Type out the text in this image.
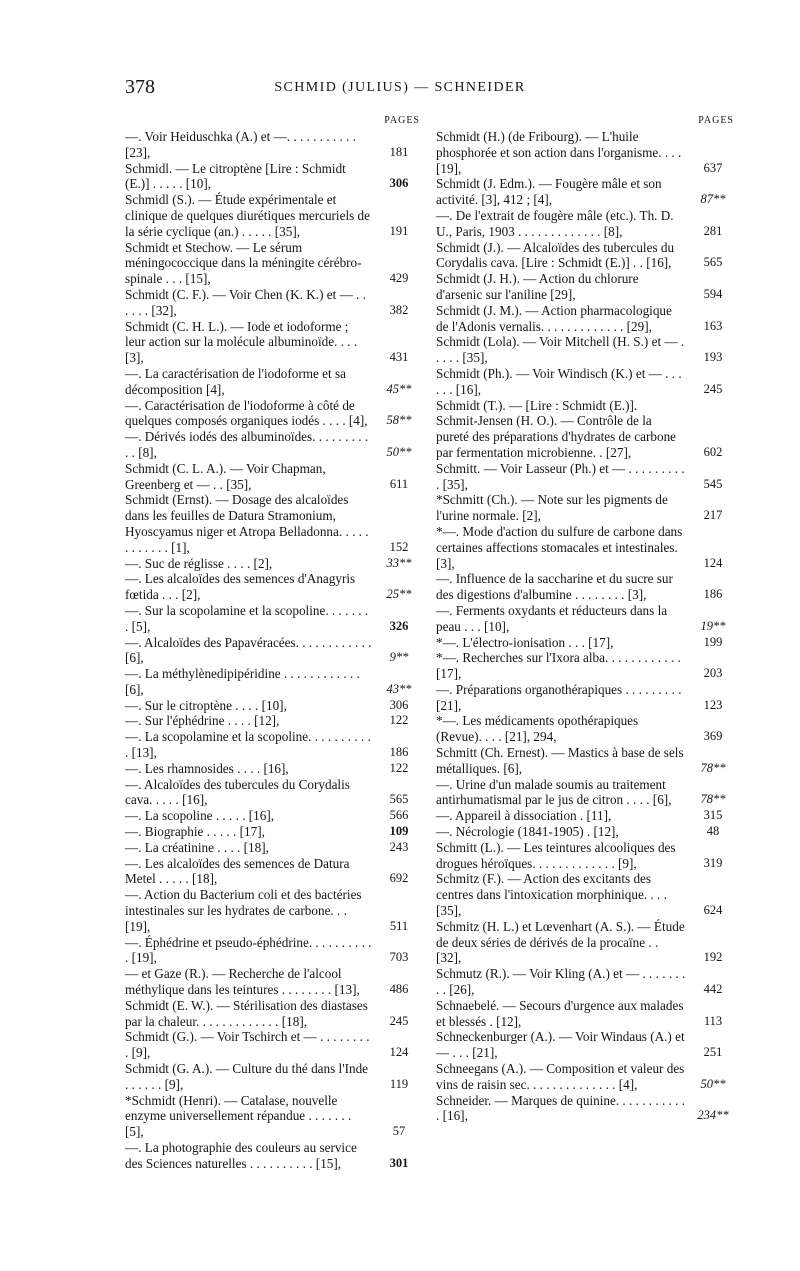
378	SCHMID (JULIUS) — SCHNEIDER
PAGES
—. Voir Heiduschka (A.) et —. . . . . . . . . . . [23],	181
Schmidl. — Le citroptène [Lire : Schmidt (E.)] . . . . . [10],	306
Schmidl (S.). — Étude expérimentale et clinique de quelques diurétiques mercuriels de la série cyclique (an.) . . . . . [35],	191
Schmidt et Stechow. — Le sérum méningococcique dans la méningite cérébro-spinale . . . [15],	429
Schmidt (C. F.). — Voir Chen (K. K.) et — . . . . . . [32],	382
Schmidt (C. H. L.). — Iode et iodoforme ; leur action sur la molécule albuminoïde. . . . [3],	431
—. La caractérisation de l'iodoforme et sa décomposition [4],	45**
—. Caractérisation de l'iodoforme à côté de quelques composés organiques iodés . . . . [4],	58**
—. Dérivés iodés des albuminoïdes. . . . . . . . . . . [8],	50**
Schmidt (C. L. A.). — Voir Chapman, Greenberg et — . . [35],	611
Schmidt (Ernst). — Dosage des alcaloïdes dans les feuilles de Datura Stramonium, Hyoscyamus niger et Atropa Belladonna. . . . . . . . . . . . [1],	152
—. Suc de réglisse . . . . [2],	33**
—. Les alcaloïdes des semences d'Anagyris fœtida . . . [2],	25**
—. Sur la scopolamine et la scopoline. . . . . . . . [5],	326
—. Alcaloïdes des Papavéracées. . . . . . . . . . . . [6],	9**
—. La méthylènedipipéridine . . . . . . . . . . . . [6],	43**
—. Sur le citroptène . . . . [10],	306
—. Sur l'éphédrine . . . . [12],	122
—. La scopolamine et la scopoline. . . . . . . . . . . [13],	186
—. Les rhamnosides . . . . [16],	122
—. Alcaloïdes des tubercules du Corydalis cava. . . . . [16],	565
—. La scopoline . . . . . [16],	566
—. Biographie . . . . . [17],	109
—. La créatinine . . . . [18],	243
—. Les alcaloïdes des semences de Datura Metel . . . . . [18],	692
—. Action du Bacterium coli et des bactéries intestinales sur les hydrates de carbone. . . [19],	511
—. Éphédrine et pseudo-éphédrine. . . . . . . . . . . [19],	703
— et Gaze (R.). — Recherche de l'alcool méthylique dans les teintures . . . . . . . . [13],	486
Schmidt (E. W.). — Stérilisation des diastases par la chaleur. . . . . . . . . . . . . [18],	245
Schmidt (G.). — Voir Tschirch et — . . . . . . . . . [9],	124
Schmidt (G. A.). — Culture du thé dans l'Inde . . . . . . [9],	119
*Schmidt (Henri). — Catalase, nouvelle enzyme universellement répandue . . . . . . . [5],	57
—. La photographie des couleurs au service des Sciences naturelles . . . . . . . . . . [15],	301
PAGES
Schmidt (H.) (de Fribourg). — L'huile phosphorée et son action dans l'organisme. . . . [19],	637
Schmidt (J. Edm.). — Fougère mâle et son activité. [3], 412 ; [4],	87**
—. De l'extrait de fougère mâle (etc.). Th. D. U., Paris, 1903 . . . . . . . . . . . . . [8],	281
Schmidt (J.). — Alcaloïdes des tubercules du Corydalis cava. [Lire : Schmidt (E.)] . . [16],	565
Schmidt (J. H.). — Action du chlorure d'arsenic sur l'aniline [29],	594
Schmidt (J. M.). — Action pharmacologique de l'Adonis vernalis. . . . . . . . . . . . . [29],	163
Schmidt (Lola). — Voir Mitchell (H. S.) et — . . . . . [35],	193
Schmidt (Ph.). — Voir Windisch (K.) et — . . . . . . [16],	245
Schmidt (T.). — [Lire : Schmidt (E.)].
Schmit-Jensen (H. O.). — Contrôle de la pureté des préparations d'hydrates de carbone par fermentation microbienne. . [27],	602
Schmitt. — Voir Lasseur (Ph.) et — . . . . . . . . . . [35],	545
*Schmitt (Ch.). — Note sur les pigments de l'urine normale. [2],	217
*—. Mode d'action du sulfure de carbone dans certaines affections stomacales et intestinales. [3],	124
—. Influence de la saccharine et du sucre sur des digestions d'albumine . . . . . . . . [3],	186
—. Ferments oxydants et réducteurs dans la peau . . . [10],	19**
*—. L'électro-ionisation . . . [17],	199
*—. Recherches sur l'Ixora alba. . . . . . . . . . . . [17],	203
—. Préparations organothérapiques . . . . . . . . . [21],	123
*—. Les médicaments opothérapiques (Revue). . . . [21], 294,	369
Schmitt (Ch. Ernest). — Mastics à base de sels métalliques. [6],	78**
—. Urine d'un malade soumis au traitement antirhumatismal par le jus de citron . . . . [6],	78**
—. Appareil à dissociation . [11],	315
—. Nécrologie (1841-1905) . [12],	48
Schmitt (L.). — Les teintures alcooliques des drogues héroïques. . . . . . . . . . . . . [9],	319
Schmitz (F.). — Action des excitants des centres dans l'intoxication morphinique. . . . [35],	624
Schmitz (H. L.) et Lœvenhart (A. S.). — Étude de deux séries de dérivés de la procaïne . . [32],	192
Schmutz (R.). — Voir Kling (A.) et — . . . . . . . . . [26],	442
Schnaebelé. — Secours d'urgence aux malades et blessés . [12],	113
Schneckenburger (A.). — Voir Windaus (A.) et — . . . [21],	251
Schneegans (A.). — Composition et valeur des vins de raisin sec. . . . . . . . . . . . . . [4],	50**
Schneider. — Marques de quinine. . . . . . . . . . . . [16],	234**
